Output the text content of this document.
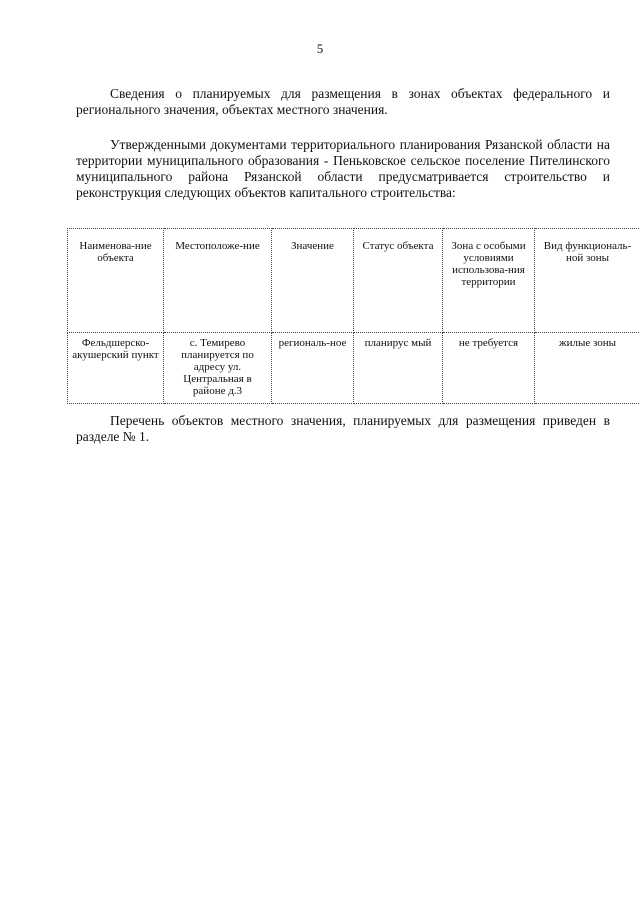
5

Сведения о планируемых для размещения в зонах объектах федерального и регионального значения, объектах местного значения.

Утвержденными документами территориального планирования Рязанской области на территории муниципального образования - Пеньковское сельское поселение Пителинского муниципального района Рязанской области предусматривается строительство и реконструкция следующих объектов капитального строительства:

Наименова-ние объекта	Местоположе-ние	Значение	Статус объекта	Зона с особыми условиями использова-ния территории	Вид функциональ-ной зоны
Фельдшерско-акушерский пункт	с. Темирево планируется по адресу ул. Центральная в районе д.3	региональ-ное	планирус мый	не требуется	жилые зоны

Перечень объектов местного значения, планируемых для размещения приведен в разделе № 1.
